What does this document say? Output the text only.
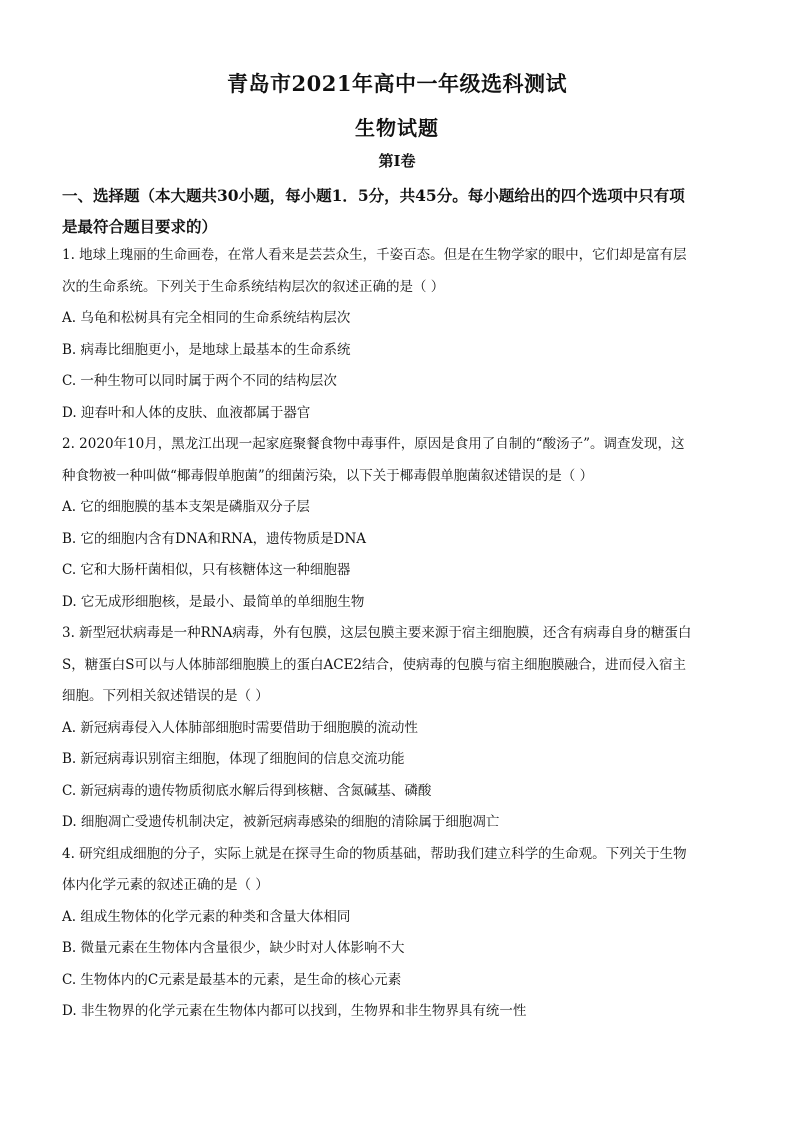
青岛市2021年高中一年级选科测试
生物试题
第I卷
一、选择题（本大题共30小题，每小题1．5分，共45分。每小题给出的四个选项中只有项
是最符合题目要求的）

1. 地球上瑰丽的生命画卷，在常人看来是芸芸众生，千姿百态。但是在生物学家的眼中，它们却是富有层

次的生命系统。下列关于生命系统结构层次的叙述正确的是（ ）

A. 乌龟和松树具有完全相同的生命系统结构层次

B. 病毒比细胞更小，是地球上最基本的生命系统

C. 一种生物可以同时属于两个不同的结构层次

D. 迎春叶和人体的皮肤、血液都属于器官

2. 2020年10月，黑龙江出现一起家庭聚餐食物中毒事件，原因是食用了自制的“酸汤子”。调查发现，这

种食物被一种叫做“椰毒假单胞菌”的细菌污染，以下关于椰毒假单胞菌叙述错误的是（ ）

A. 它的细胞膜的基本支架是磷脂双分子层

B. 它的细胞内含有DNA和RNA，遗传物质是DNA

C. 它和大肠杆菌相似，只有核糖体这一种细胞器

D. 它无成形细胞核，是最小、最简单的单细胞生物

3. 新型冠状病毒是一种RNA病毒，外有包膜，这层包膜主要来源于宿主细胞膜，还含有病毒自身的糖蛋白

S，糖蛋白S可以与人体肺部细胞膜上的蛋白ACE2结合，使病毒的包膜与宿主细胞膜融合，进而侵入宿主

细胞。下列相关叙述错误的是（ ）

A. 新冠病毒侵入人体肺部细胞时需要借助于细胞膜的流动性

B. 新冠病毒识别宿主细胞，体现了细胞间的信息交流功能

C. 新冠病毒的遗传物质彻底水解后得到核糖、含氮碱基、磷酸

D. 细胞凋亡受遗传机制决定，被新冠病毒感染的细胞的清除属于细胞凋亡

4. 研究组成细胞的分子，实际上就是在探寻生命的物质基础，帮助我们建立科学的生命观。下列关于生物

体内化学元素的叙述正确的是（ ）

A. 组成生物体的化学元素的种类和含量大体相同

B. 微量元素在生物体内含量很少，缺少时对人体影响不大

C. 生物体内的C元素是最基本的元素，是生命的核心元素

D. 非生物界的化学元素在生物体内都可以找到，生物界和非生物界具有统一性
